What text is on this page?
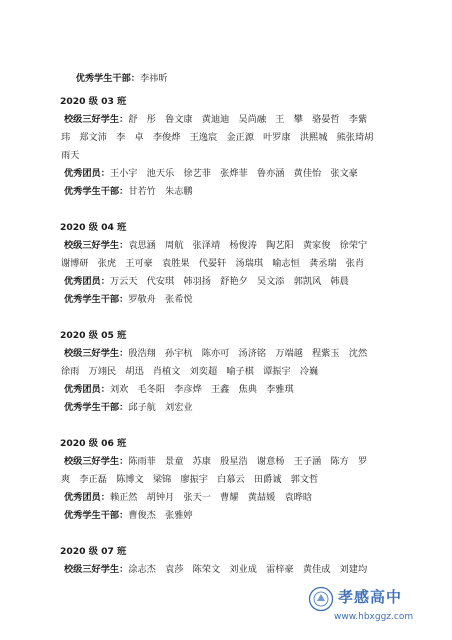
优秀学生干部：李祎昕

2020 级 03 班
校级三好学生：舒　彤　鲁文康　黄迪迪　吴尚融　王　攀　骆晏哲　李紫
玮　郑文沛　李　卓　李俊烨　王逸宸　金正源　叶罗康　洪熙城　熊张琦胡
雨天
优秀团员：王小宇　池天乐　徐艺菲　张烨菲　鲁亦涵　黄佳怡　张文豪
优秀学生干部：甘若竹　朱志鹏
2020 级 04 班
校级三好学生：袁思涵　周航　张泽靖　杨俊涛　陶艺阳　黄家俊　徐荣宁
谢博研　张虎　王可豪　袁胜果　代晏轩　汤瑞琪　喻志恒　龚丞瑞　张肖
优秀团员：万云天　代安琪　韩羽扬　舒艳夕　吴文添　郭凯风　韩晨
优秀学生干部：罗敬舟　张希悦
2020 级 05 班
校级三好学生：殷浩翔　孙宇杭　陈亦可　汤济铭　万端越　程紫玉　沈然
徐雨　万翊民　胡迅　肖植文　刘奕超　喻子棋　谭振宇　冷巍
优秀团员：刘欢　毛冬阳　李彦烨　王鑫　焦典　李雅琪
优秀学生干部：邱子航　刘宏业
2020 级 06 班
校级三好学生：陈雨菲　景童　苏康　殷星浩　谢意杨　王子涵　陈方　罗
爽　李正磊　陈博文　梁锦　廖振宇　白慕云　田爵诚　郭文哲
优秀团员：赖正然　胡钟月　张天一　曹耀　黄喆媛　袁晔晗
优秀学生干部：曹俊杰　张雅婷
2020 级 07 班
校级三好学生：涂志杰　袁莎　陈荣文　刘业成　雷梓豪　黄佳成　刘建均
孝感高中
www.hbxggz.com
